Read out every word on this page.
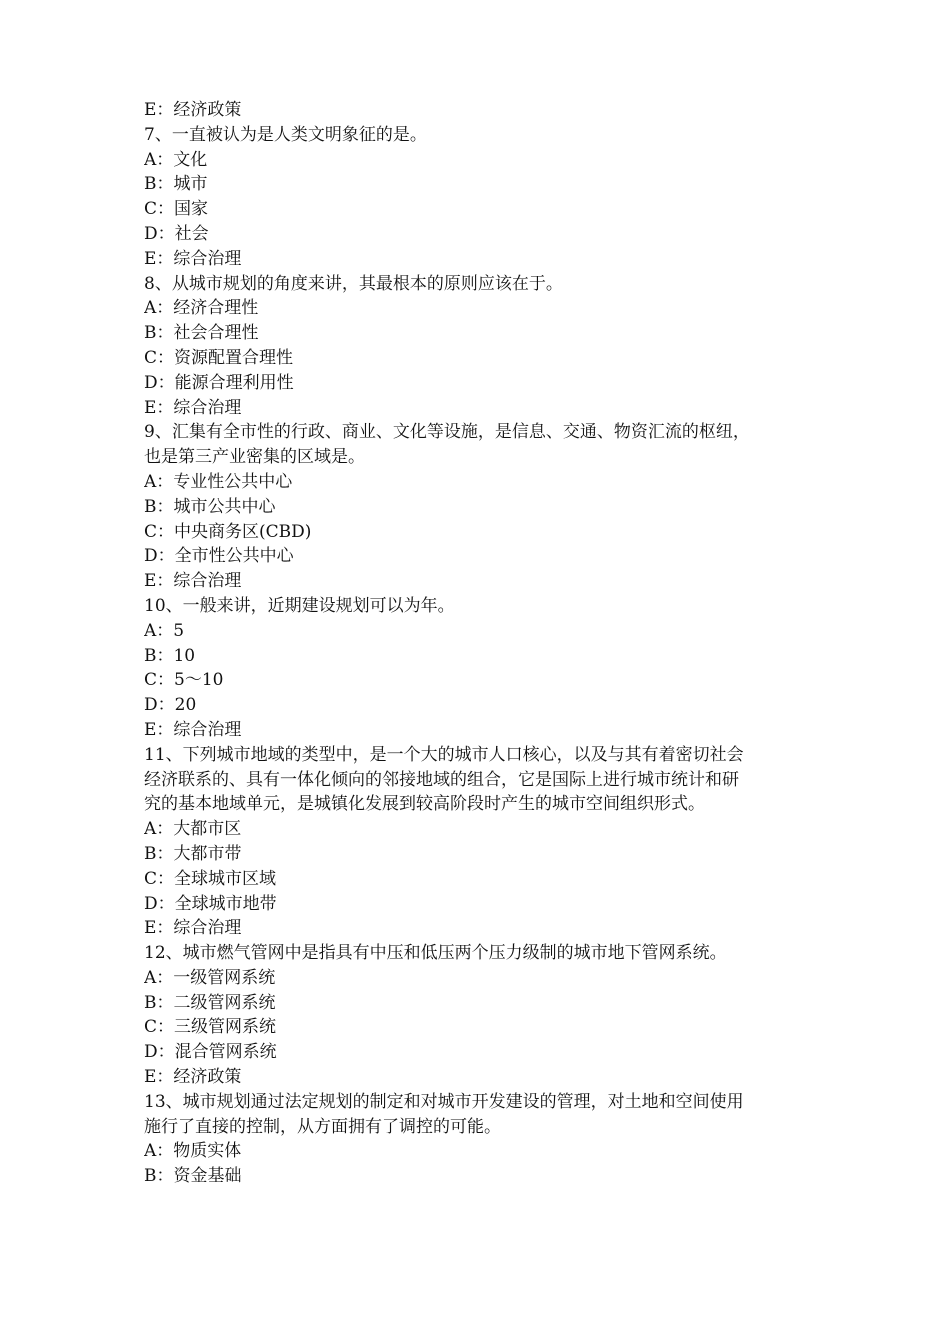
E：经济政策
7、一直被认为是人类文明象征的是。
A：文化
B：城市
C：国家
D：社会
E：综合治理
8、从城市规划的角度来讲，其最根本的原则应该在于。
A：经济合理性
B：社会合理性
C：资源配置合理性
D：能源合理利用性
E：综合治理
9、汇集有全市性的行政、商业、文化等设施，是信息、交通、物资汇流的枢纽，
也是第三产业密集的区域是。
A：专业性公共中心
B：城市公共中心
C：中央商务区(CBD)
D：全市性公共中心
E：综合治理
10、一般来讲，近期建设规划可以为年。
A：5
B：10
C：5～10
D：20
E：综合治理
11、下列城市地域的类型中，是一个大的城市人口核心，以及与其有着密切社会
经济联系的、具有一体化倾向的邻接地域的组合，它是国际上进行城市统计和研
究的基本地域单元，是城镇化发展到较高阶段时产生的城市空间组织形式。
A：大都市区
B：大都市带
C：全球城市区域
D：全球城市地带
E：综合治理
12、城市燃气管网中是指具有中压和低压两个压力级制的城市地下管网系统。
A：一级管网系统
B：二级管网系统
C：三级管网系统
D：混合管网系统
E：经济政策
13、城市规划通过法定规划的制定和对城市开发建设的管理，对土地和空间使用
施行了直接的控制，从方面拥有了调控的可能。
A：物质实体
B：资金基础
